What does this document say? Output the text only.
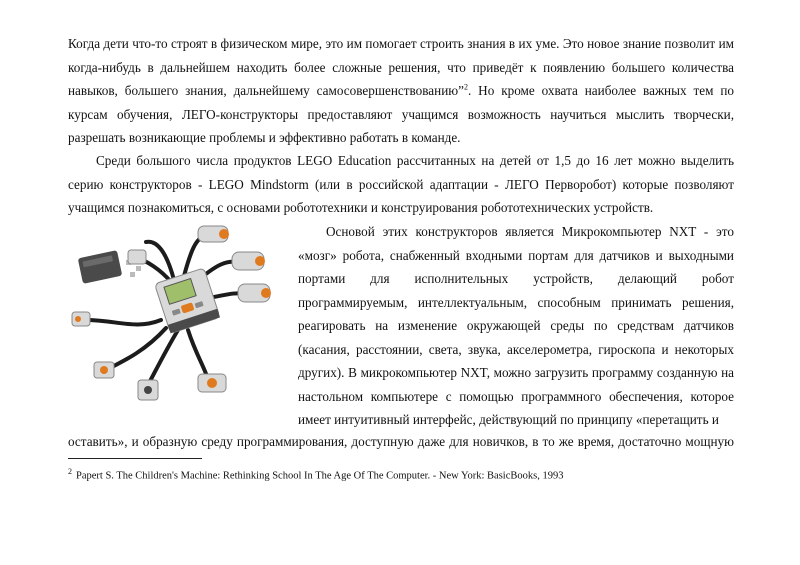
Когда дети что-то строят в физическом мире, это им помогает строить знания в их уме. Это новое знание позволит им когда-нибудь в дальнейшем находить более сложные решения, что приведёт к появлению большего количества навыков, большего знания, дальнейшему самосовершенствованию”$^2$. Но кроме охвата наиболее важных тем по курсам обучения, ЛЕГО-конструкторы предоставляют учащимся возможность научиться мыслить творчески, разрешать возникающие проблемы и эффективно работать в команде.

Среди большого числа продуктов LEGO Education рассчитанных на детей от 1,5 до 16 лет можно выделить серию конструкторов - LEGO Mindstorm (или в российской адаптации - ЛЕГО Перворобот) которые позволяют учащимся познакомиться, с основами робототехники и конструирования робототехнических устройств.

Основой этих конструкторов является Микрокомпьютер NXT - это «мозг» робота, снабженный входными портам для датчиков и выходными портами для исполнительных устройств, делающий робот программируемым, интеллектуальным, способным принимать решения, реагировать на изменение окружающей среды по средствам датчиков (касания, расстоянии, света, звука, акселерометра, гироскопа и некоторых других). В микрокомпьютер NXT, можно загрузить программу созданную на настольном компьютере с помощью программного обеспечения, которое имеет интуитивный интерфейс, действующий по принципу «перетащить и

оставить», и образную среду программирования, доступную даже для новичков, в то же время, достаточно мощную

$^2$ Papert S. The Children's Machine: Rethinking School In The Age Of The Computer. - New York: BasicBooks, 1993
